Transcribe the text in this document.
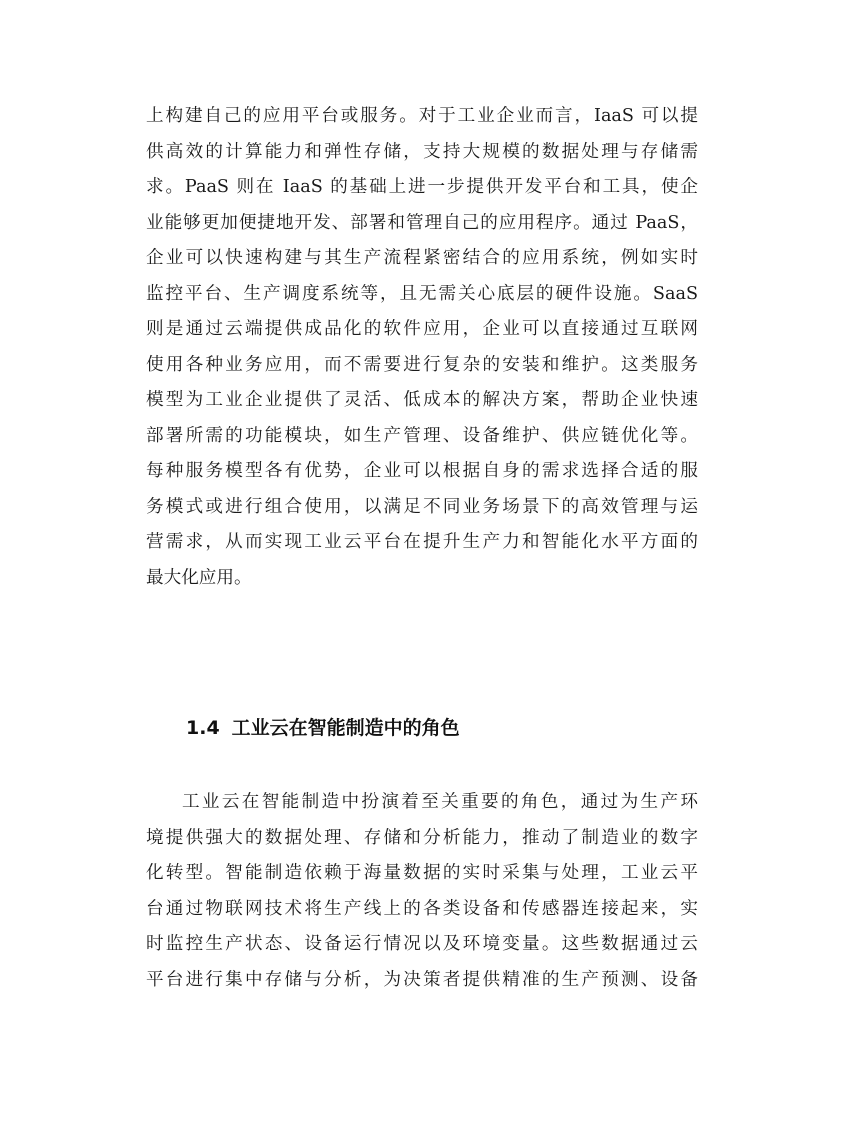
上构建自己的应用平台或服务。对于工业企业而言，IaaS 可以提
供高效的计算能力和弹性存储，支持大规模的数据处理与存储需
求。PaaS 则在 IaaS 的基础上进一步提供开发平台和工具，使企
业能够更加便捷地开发、部署和管理自己的应用程序。通过 PaaS，
企业可以快速构建与其生产流程紧密结合的应用系统，例如实时
监控平台、生产调度系统等，且无需关心底层的硬件设施。SaaS
则是通过云端提供成品化的软件应用，企业可以直接通过互联网
使用各种业务应用，而不需要进行复杂的安装和维护。这类服务
模型为工业企业提供了灵活、低成本的解决方案，帮助企业快速
部署所需的功能模块，如生产管理、设备维护、供应链优化等。
每种服务模型各有优势，企业可以根据自身的需求选择合适的服
务模式或进行组合使用，以满足不同业务场景下的高效管理与运
营需求，从而实现工业云平台在提升生产力和智能化水平方面的
最大化应用。
1.4 工业云在智能制造中的角色
工业云在智能制造中扮演着至关重要的角色，通过为生产环
境提供强大的数据处理、存储和分析能力，推动了制造业的数字
化转型。智能制造依赖于海量数据的实时采集与处理，工业云平
台通过物联网技术将生产线上的各类设备和传感器连接起来，实
时监控生产状态、设备运行情况以及环境变量。这些数据通过云
平台进行集中存储与分析，为决策者提供精准的生产预测、设备
